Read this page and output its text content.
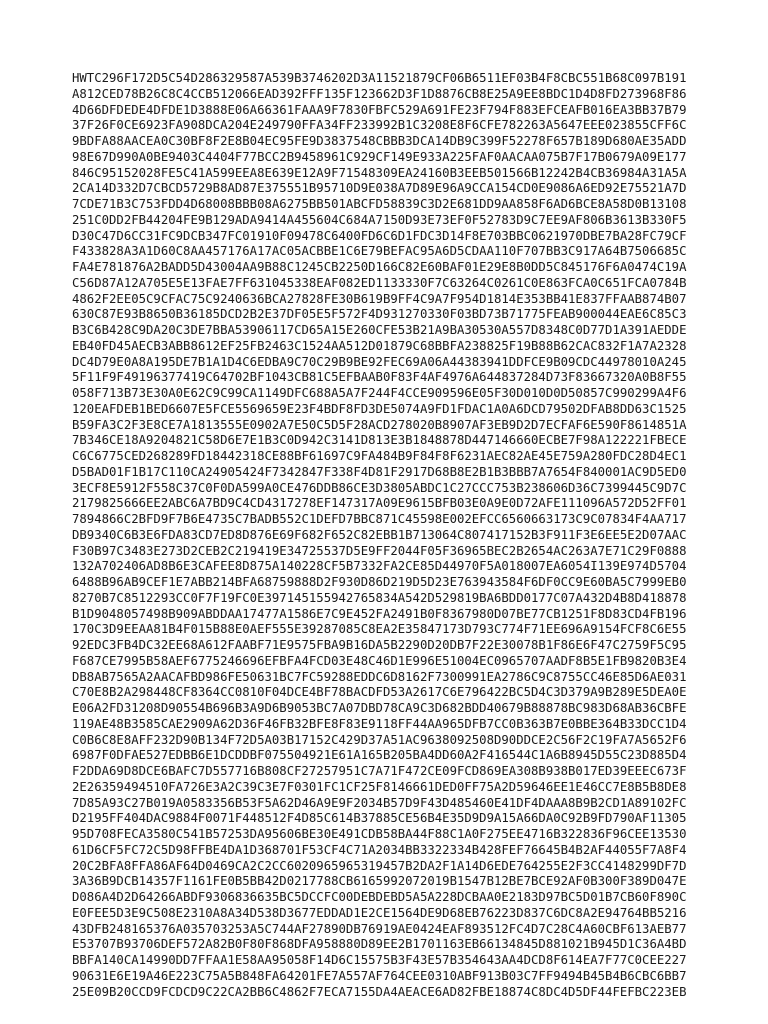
HWTC296F172D5C54D286329587A539B3746202D3A11521879CF06B6511EF03B4F8CBC551B68C097B191
A812CED78B26C8C4CCB512066EAD392FFF135F123662D3F1D8876CB8E25A9EE8BDC1D4D8FD273968F86
4D66DFDEDE4DFDE1D3888E06A66361FAAA9F7830FBFC529A691FE23F794F883EFCEAFB016EA3BB37B79
37F26F0CE6923FA908DCA204E249790FFA34FF233992B1C3208E8F6CFE782263A5647EEE023855CFF6C
9BDFA88AACEA0C30BF8F2E8B04EC95FE9D3837548CBBB3DCA14DB9C399F52278F657B189D680AE35ADD
98E67D990A0BE9403C4404F77BCC2B9458961C929CF149E933A225FAF0AACAA075B7F17B0679A09E177
846C95152028FE5C41A599EEA8E639E12A9F71548309EA24160B3EEB501566B12242B4CB36984A31A5A
2CA14D332D7CBCD5729B8AD87E375551B95710D9E038A7D89E96A9CCA154CD0E9086A6ED92E75521A7D
7CDE71B3C753FDD4D68008BBB08A6275BB501ABCFD58839C3D2E681DD9AA858F6AD6BCE8A58D0B13108
251C0DD2FB44204FE9B129ADA9414A455604C684A7150D93E73EF0F52783D9C7EE9AF806B3613B330F5
D30C47D6CC31FC9DCB347FC01910F09478C6400FD6C6D1FDC3D14F8E703BBC0621970DBE7BA28FC79CF
F433828A3A1D60C8AA457176A17AC05ACBBE1C6E79BEFAC95A6D5CDAA110F707BB3C917A64B7506685C
FA4E781876A2BADD5D43004AA9B88C1245CB2250D166C82E60BAF01E29E8B0DD5C845176F6A0474C19A
C56D87A12A705E5E13FAE7FF631045338EAF082ED1133330F7C63264C0261C0E863FCA0C651FCA0784B
4862F2EE05C9CFAC75C9240636BCA27828FE30B619B9FF4C9A7F954D1814E353BB41E837FFAAB874B07
630C87E93B8650B36185DCD2B2E37DF05E5F572F4D931270330F03BD73B71775FEAB900044EAE6C85C3
B3C6B428C9DA20C3DE7BBA53906117CD65A15E260CFE53B21A9BA30530A557D8348C0D77D1A391AEDDE
EB40FD45AECB3ABB8612EF25FB2463C1524AA512D01879C68BBFA238825F19B88B62CAC832F1A7A2328
DC4D79E0A8A195DE7B1A1D4C6EDBA9C70C29B9BE92FEC69A06A44383941DDFCE9B09CDC44978010A245
5F11F9F49196377419C64702BF1043CB81C5EFBAAB0F83F4AF4976A644837284D73F83667320A0B8F55
058F713B73E30A0E62C9C99CA1149DFC688A5A7F244F4CCE909596E05F30D010D0D50857C990299A4F6
120EAFDEB1BED6607E5FCE5569659E23F4BDF8FD3DE5074A9FD1FDAC1A0A6DCD79502DFAB8DD63C1525
B59FA3C2F3E8CE7A1813555E0902A7E50C5D5F28ACD278020B8907AF3EB9D2D7ECFAF6E590F8614851A
7B346CE18A9204821C58D6E7E1B3C0D942C3141D813E3B1848878D447146660ECBE7F98A122221FBECE
C6C6775CED268289FD18442318CE88BF61697C9FA484B9F84F8F6231AEC82AE45E759A280FDC28D4EC1
D5BAD01F1B17C110CA24905424F7342847F338F4D81F2917D68B8E2B1B3BBB7A7654F840001AC9D5ED0
3ECF8E5912F558C37C0F0DA599A0CE476DDB86CE3D3805ABDC1C27CCC753B238606D36C7399445C9D7C
2179825666EE2ABC6A7BD9C4CD4317278EF147317A09E9615BFB03E0A9E0D72AFE111096A572D52FF01
7894866C2BFD9F7B6E4735C7BADB552C1DEFD7BBC871C45598E002EFCC6560663173C9C07834F4AA717
DB9340C6B3E6FDA83CD7ED8D876E69F682F652C82EBB1B713064C807417152B3F911F3E6EE5E2D07AAC
F30B97C3483E273D2CEB2C219419E34725537D5E9FF2044F05F36965BEC2B2654AC263A7E71C29F0888
132A702406AD8B6E3CAFEE8D875A140228CF5B7332FA2CE85D44970F5A018007EA6054I139E974D5704
6488B96AB9CEF1E7ABB214BFA68759888D2F930D86D219D5D23E763943584F6DF0CC9E60BA5C7999EB0
8270B7C8512293CC0F7F19FC0E397145155942765834A542D529819BA6BDD0177C07A432D4B8D418878
B1D9048057498B909ABDDAA17477A1586E7C9E452FA2491B0F8367980D07BE77CB1251F8D83CD4FB196
170C3D9EEAA81B4F015B88E0AEF555E39287085C8EA2E35847173D793C774F71EE696A9154FCF8C6E55
92EDC3FB4DC32EE68A612FAABF71E9575FBA9B16DA5B2290D20DB7F22E30078B1F86E6F47C2759F5C95
F687CE7995B58AEF6775246696EFBFA4FCD03E48C46D1E996E51004EC0965707AADF8B5E1FB9820B3E4
DB8AB7565A2AACAFBD986FE50631BC7FC59288EDDC6D8162F7300991EA2786C9C8755CC46E85D6AE031
C70E8B2A298448CF8364CC0810F04DCE4BF78BACDFD53A2617C6E796422BC5D4C3D379A9B289E5DEA0E
E06A2FD31208D90554B696B3A9D6B9053BC7A07DBD78CA9C3D682BDD40679B88878BC983D68AB36CBFE
119AE48B3585CAE2909A62D36F46FB32BFE8F83E9118FF44AA965DFB7CC0B363B7E0BBE364B33DCC1D4
C0B6C8E8AFF232D90B134F72D5A03B17152C429D37A51AC9638092508D90DDCE2C56F2C19FA7A5652F6
6987F0DFAE527EDBB6E1DCDDBF075504921E61A165B205BA4DD60A2F416544C1A6B8945D55C23D885D4
F2DDA69D8DCE6BAFC7D557716B808CF27257951C7A71F472CE09FCD869EA308B938B017ED39EEEC673F
2E26359494510FA726E3A2C39C3E7F0301FC1CF25F8146661DED0FF75A2D59646EE1E46CC7E8B5B8DE8
7D85A93C27B019A0583356B53F5A62D46A9E9F2034B57D9F43D485460E41DF4DAAA8B9B2CD1A89102FC
D2195FF404DAC9884F0071F448512F4D85C614B37885CE56B4E35D9D9A15A66DA0C92B9FD790AF11305
95D708FECA3580C541B57253DA95606BE30E491CDB58BA44F88C1A0F275EE4716B322836F96CEE13530
61D6CF5FC72C5D98FFBE4DA1D368701F53CF4C71A2034BB3322334B428FEF76645B4B2AF44055F7A8F4
20C2BFA8FFA86AF64D0469CA2C2CC6020965965319457B2DA2F1A14D6EDE764255E2F3CC4148299DF7D
3A36B9DCB14357F1161FE0B5BB42D0217788CB6165992072019B1547B12BE7BCE92AF0B300F389D047E
D086A4D2D64266ABDF9306836635BC5DCCFC00DEBDEBD5A5A228DCBAA0E2183D97BC5D01B7CB60F890C
E0FEE5D3E9C508E2310A8A34D538D3677EDDAD1E2CE1564DE9D68EB76223D837C6DC8A2E94764BB5216
43DFB248165376A035703253A5C744AF27890DB76919AE0424EAF893512FC4D7C28C4A60CBF613AEB77
E53707B93706DEF572A82B0F80F868DFA958880D89EE2B1701163EB66134845D881021B945D1C36A4BD
BBFA140CA14990DD7FFAA1E58AA95058F14D6C15575B3F43E57B354643AA4DCD8F614EA7F77C0CEE227
90631E6E19A46E223C75A5B848FA64201FE7A557AF764CEE0310ABF913B03C7FF9494B45B4B6CBC6BB7
25E09B20CCD9FCDCD9C22CA2BB6C4862F7ECA7155DA4AEACE6AD82FBE18874C8DC4D5DF44FEFBC223EB
